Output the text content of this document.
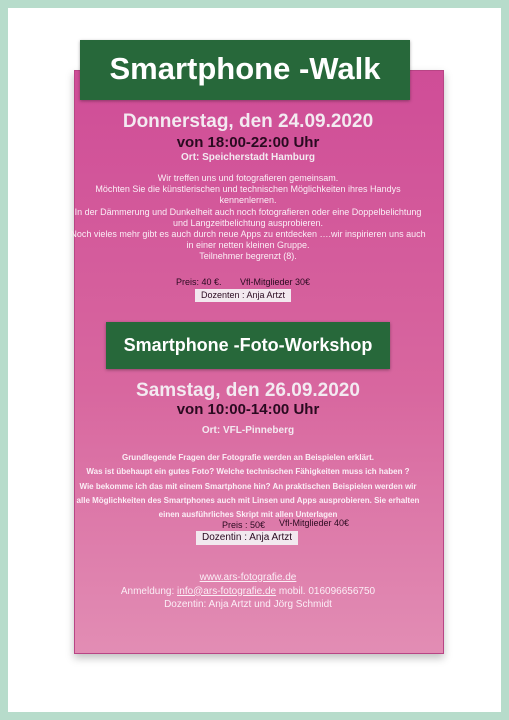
Smartphone -Walk
Donnerstag, den 24.09.2020
von 18:00-22:00 Uhr
Ort: Speicherstadt Hamburg
Wir treffen uns und fotografieren gemeinsam.
Möchten Sie die künstlerischen und technischen Möglichkeiten ihres Handys
kennenlernen.
In der Dämmerung und Dunkelheit auch noch fotografieren oder eine Doppelbelichtung
und Langzeitbelichtung ausprobieren.
Noch vieles mehr gibt es auch durch neue Apps zu entdecken ….wir inspirieren uns auch
in einer netten kleinen Gruppe.
Teilnehmer begrenzt (8).
Preis: 40 €. Vfl-Mitglieder 30€
Dozenten : Anja Artzt
Smartphone -Foto-Workshop
Samstag, den 26.09.2020
von 10:00-14:00 Uhr
Ort: VFL-Pinneberg
Grundlegende Fragen der Fotografie werden an Beispielen erklärt.
Was ist übehaupt ein gutes Foto? Welche technischen Fähigkeiten muss ich haben ?
Wie bekomme ich das mit einem Smartphone hin? An praktischen Beispielen werden wir
alle Möglichkeiten des Smartphones auch mit Linsen und Apps ausprobieren. Sie erhalten
einen ausführliches Skript mit allen Unterlagen
Preis : 50€ Vfl-Mitglieder 40€
Dozentin : Anja Artzt
www.ars-fotografie.de
Anmeldung: info@ars-fotografie.de mobil. 016096656750
Dozentin: Anja Artzt und Jörg Schmidt
